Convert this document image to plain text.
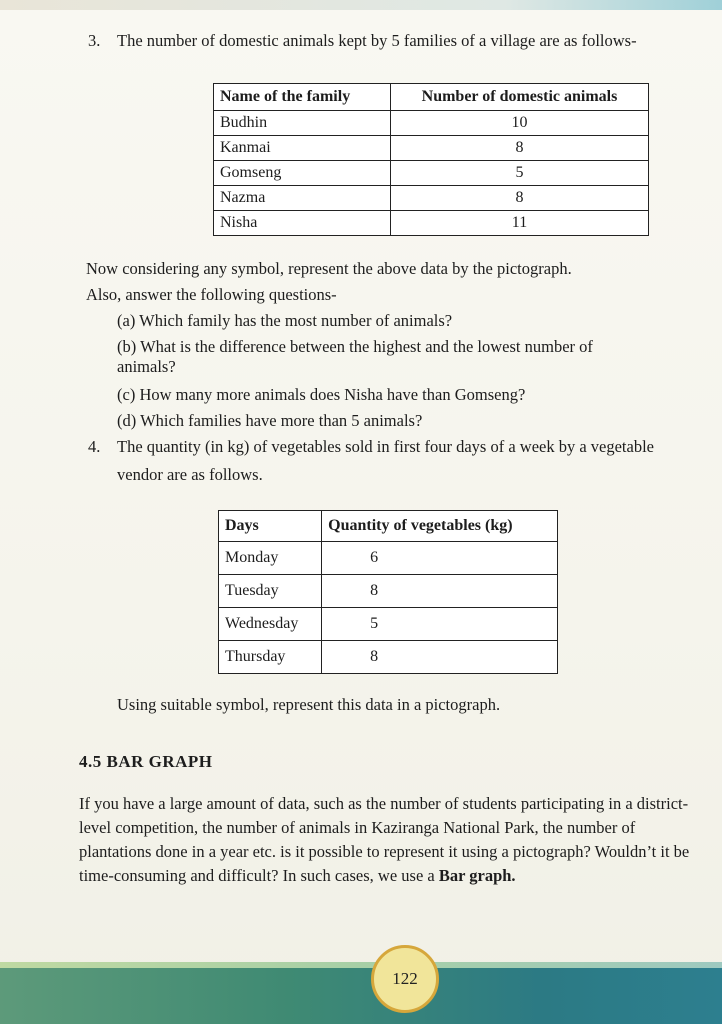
3. The number of domestic animals kept by 5 families of a village are as follows-
Name of the family	Number of domestic animals
Budhin	10
Kanmai	8
Gomseng	5
Nazma	8
Nisha	11
Now considering any symbol, represent the above data by the pictograph.
Also, answer the following questions-
(a) Which family has the most number of animals?
(b) What is the difference between the highest and the lowest number of
animals?
(c) How many more animals does Nisha have than Gomseng?
(d) Which families have more than 5 animals?
4. The quantity (in kg) of vegetables sold in first four days of a week by a vegetable
vendor are as follows.
Days	Quantity of vegetables (kg)
Monday	6
Tuesday	8
Wednesday	5
Thursday	8
Using suitable symbol, represent this data in a pictograph.
4.5 BAR GRAPH
If you have a large amount of data, such as the number of students participating in a district-level competition, the number of animals in Kaziranga National Park, the number of plantations done in a year etc. is it possible to represent it using a pictograph? Wouldn’t it be time-consuming and difficult? In such cases, we use a Bar graph.
122
